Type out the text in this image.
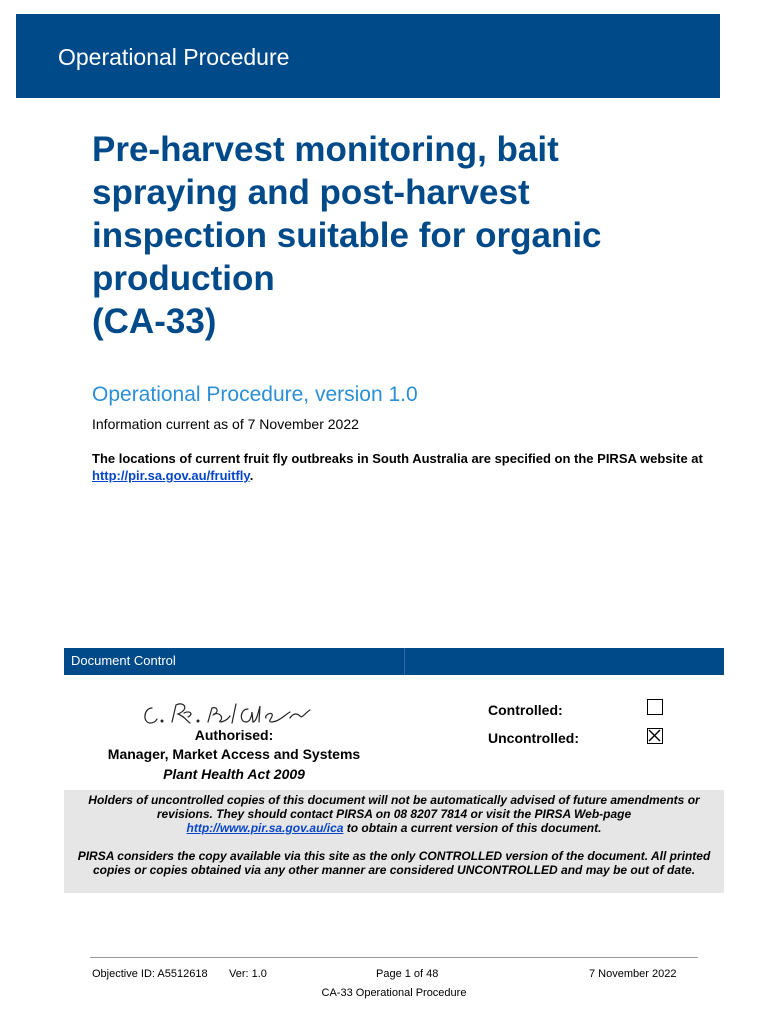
Operational Procedure
Pre-harvest monitoring, bait
spraying and post-harvest
inspection suitable for organic
production
(CA-33)
Operational Procedure, version 1.0
Information current as of 7 November 2022
The locations of current fruit fly outbreaks in South Australia are specified on the PIRSA website at http://pir.sa.gov.au/fruitfly.
Document Control
Authorised:
Manager, Market Access and Systems
Plant Health Act 2009
Controlled:
Uncontrolled:

Holders of uncontrolled copies of this document will not be automatically advised of future amendments or revisions. They should contact PIRSA on 08 8207 7814 or visit the PIRSA Web-page
http://www.pir.sa.gov.au/ica to obtain a current version of this document.

PIRSA considers the copy available via this site as the only CONTROLLED version of the document. All printed copies or copies obtained via any other manner are considered UNCONTROLLED and may be out of date.

Objective ID: A5512618 Ver: 1.0	Page 1 of 48	7 November 2022
CA-33 Operational Procedure
